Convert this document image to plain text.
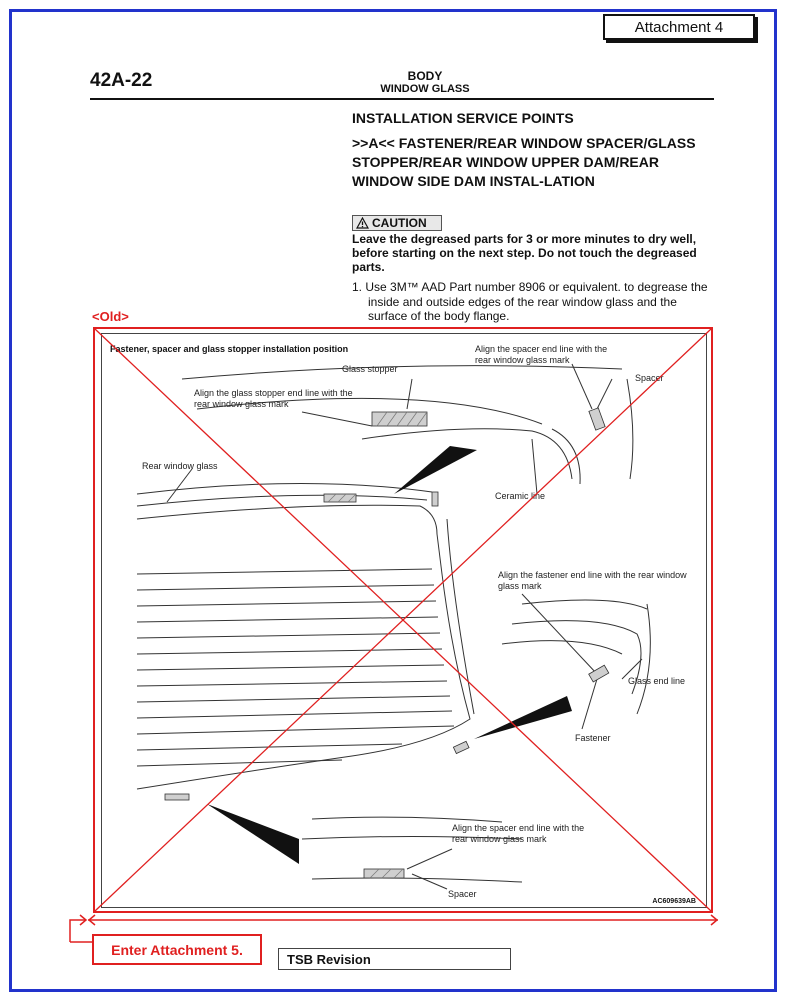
Attachment 4
42A-22	BODY
WINDOW GLASS
INSTALLATION SERVICE POINTS
>>A<< FASTENER/REAR WINDOW SPACER/GLASS STOPPER/REAR WINDOW UPPER DAM/REAR WINDOW SIDE DAM INSTAL-LATION
CAUTION
Leave the degreased parts for 3 or more minutes to dry well, before starting on the next step. Do not touch the degreased parts.
1. Use 3M™ AAD Part number 8906 or equivalent. to degrease the inside and outside edges of the rear window glass and the surface of the body flange.
<Old>
Fastener, spacer and glass stopper installation position
Glass stopper
Align the glass stopper end line with the rear window glass mark
Align the spacer end line with the rear window glass mark
Spacer
Rear window glass
Ceramic line
Align the fastener end line with the rear window glass mark
Glass end line
Fastener
Align the spacer end line with the rear window glass mark
Spacer
AC609639AB
Enter Attachment 5.
TSB Revision
